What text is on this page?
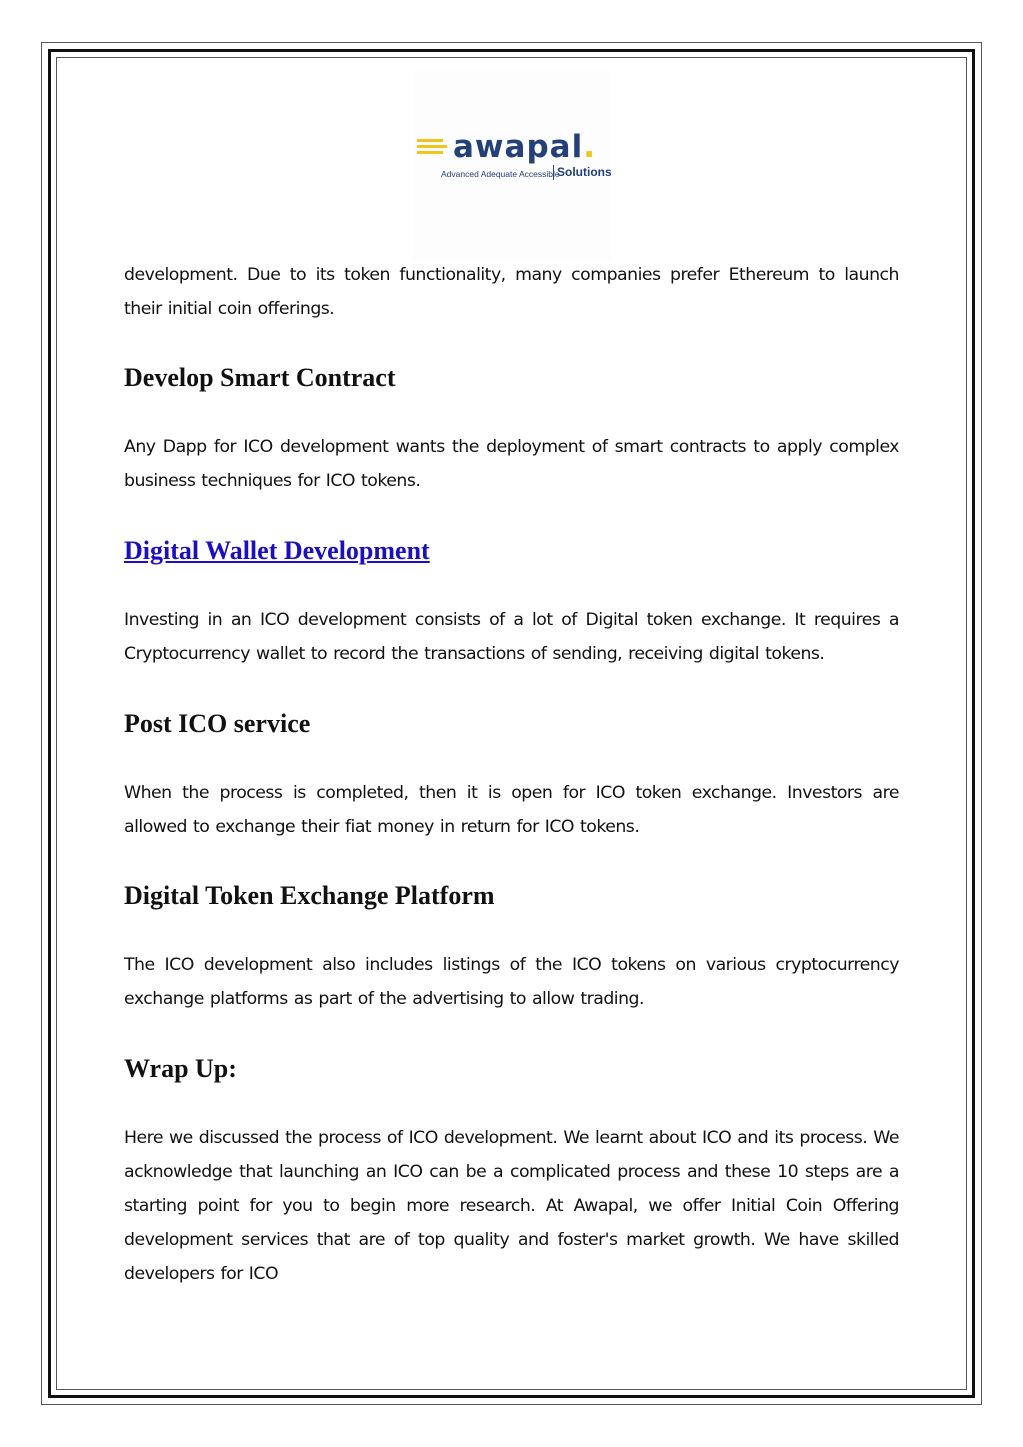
awapal.
Advanced Adequate Accessible
Solutions

development. Due to its token functionality, many companies prefer Ethereum to launch their initial coin offerings.

Develop Smart Contract

Any Dapp for ICO development wants the deployment of smart contracts to apply complex business techniques for ICO tokens.

Digital Wallet Development

Investing in an ICO development consists of a lot of Digital token exchange. It requires a Cryptocurrency wallet to record the transactions of sending, receiving digital tokens.

Post ICO service

When the process is completed, then it is open for ICO token exchange. Investors are allowed to exchange their fiat money in return for ICO tokens.

Digital Token Exchange Platform

The ICO development also includes listings of the ICO tokens on various cryptocurrency exchange platforms as part of the advertising to allow trading.

Wrap Up:

Here we discussed the process of ICO development. We learnt about ICO and its process. We acknowledge that launching an ICO can be a complicated process and these 10 steps are a starting point for you to begin more research. At Awapal, we offer Initial Coin Offering development services that are of top quality and foster's market growth. We have skilled developers for ICO
